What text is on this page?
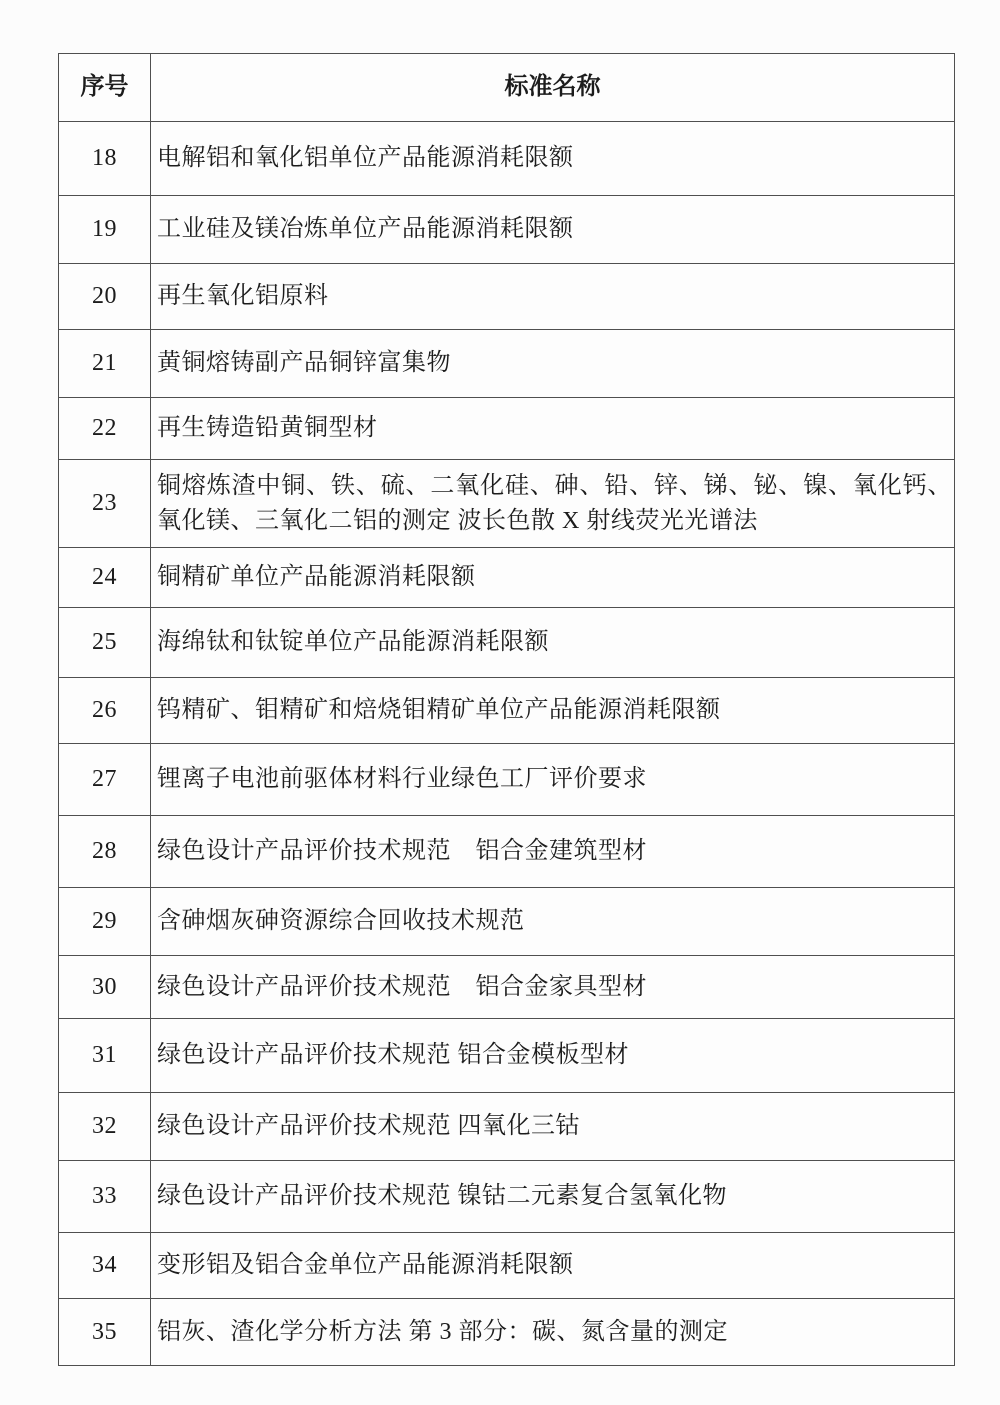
序号	标准名称
18	电解铝和氧化铝单位产品能源消耗限额
19	工业硅及镁冶炼单位产品能源消耗限额
20	再生氧化铝原料
21	黄铜熔铸副产品铜锌富集物
22	再生铸造铅黄铜型材
23	铜熔炼渣中铜、铁、硫、二氧化硅、砷、铅、锌、锑、铋、镍、氧化钙、氧化镁、三氧化二铝的测定 波长色散 X 射线荧光光谱法
24	铜精矿单位产品能源消耗限额
25	海绵钛和钛锭单位产品能源消耗限额
26	钨精矿、钼精矿和焙烧钼精矿单位产品能源消耗限额
27	锂离子电池前驱体材料行业绿色工厂评价要求
28	绿色设计产品评价技术规范　铝合金建筑型材
29	含砷烟灰砷资源综合回收技术规范
30	绿色设计产品评价技术规范　铝合金家具型材
31	绿色设计产品评价技术规范 铝合金模板型材
32	绿色设计产品评价技术规范 四氧化三钴
33	绿色设计产品评价技术规范 镍钴二元素复合氢氧化物
34	变形铝及铝合金单位产品能源消耗限额
35	铝灰、渣化学分析方法 第 3 部分：碳、氮含量的测定
